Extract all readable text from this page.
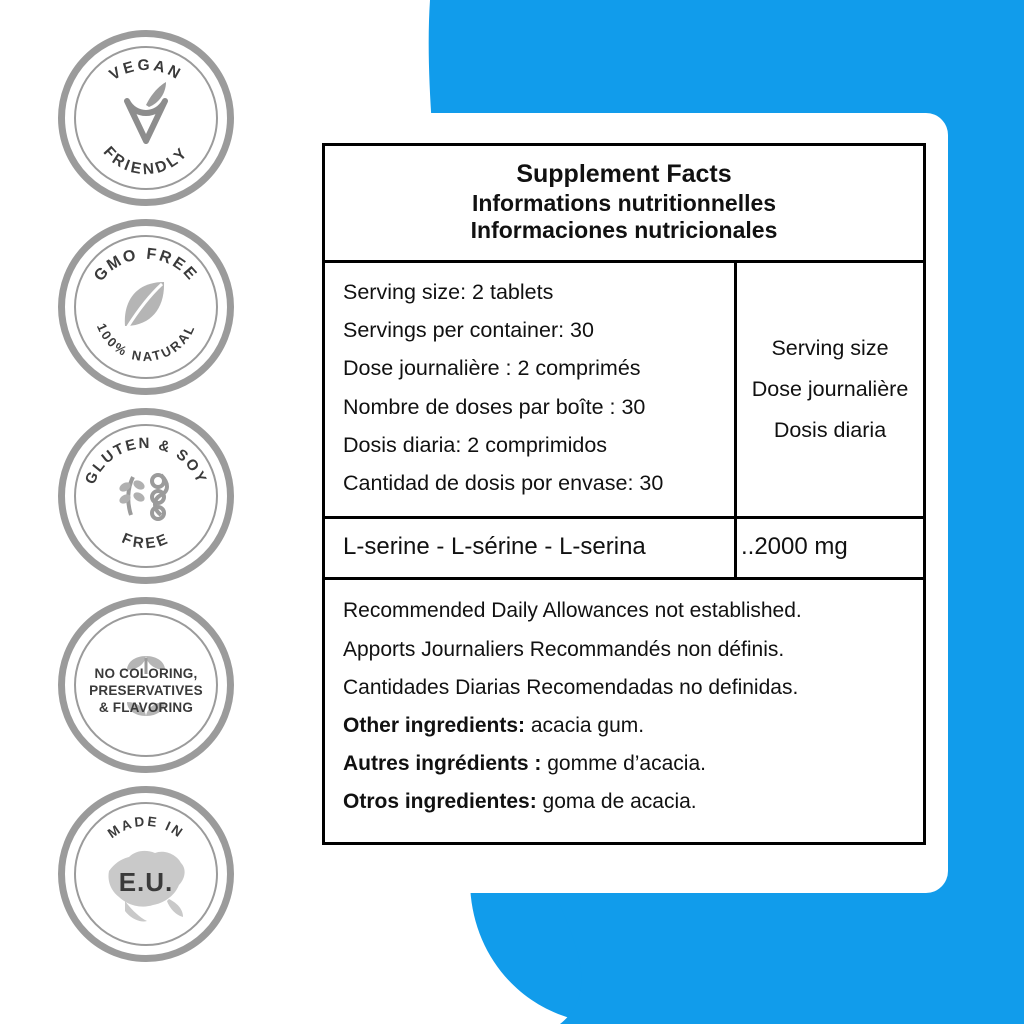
VEGAN
FRIENDLY
GMO FREE
100% NATURAL
GLUTEN & SOY
FREE
NO COLORING,
PRESERVATIVES
& FLAVORING
MADE IN
E.U.
Supplement Facts
Informations nutritionnelles
Informaciones nutricionales
Serving size: 2 tablets
Servings per container: 30
Dose journalière : 2 comprimés
Nombre de doses par boîte : 30
Dosis diaria: 2 comprimidos
Cantidad de dosis por envase: 30
Serving size
Dose journalière
Dosis diaria
L-serine - L-sérine - L-serina	..2000 mg
Recommended Daily Allowances not established.
Apports Journaliers Recommandés non définis.
Cantidades Diarias Recomendadas no definidas.
Other ingredients: acacia gum.
Autres ingrédients : gomme d’acacia.
Otros ingredientes: goma de acacia.
